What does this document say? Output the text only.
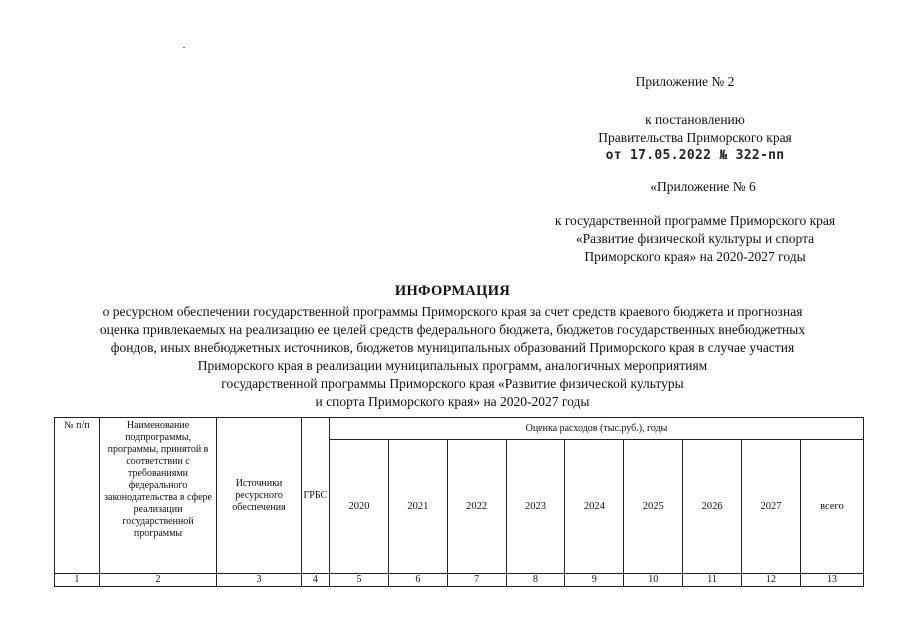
Приложение № 2
к постановлению
Правительства Приморского края
от 17.05.2022 № 322-пп
«Приложение № 6
к государственной программе Приморского края
«Развитие физической культуры и спорта
Приморского края» на 2020-2027 годы
ИНФОРМАЦИЯ
о ресурсном обеспечении государственной программы Приморского края за счет средств краевого бюджета и прогнозная
оценка привлекаемых на реализацию ее целей средств федерального бюджета, бюджетов государственных внебюджетных
фондов, иных внебюджетных источников, бюджетов муниципальных образований Приморского края в случае участия
Приморского края в реализации муниципальных программ, аналогичных мероприятиям
государственной программы Приморского края «Развитие физической культуры
и спорта Приморского края» на 2020-2027 годы
№ п/п	Наименование подпрограммы, программы, принятой в соответствии с требованиями федерального законодательства в сфере реализации государственной программы	Источники ресурсного обеспечения	ГРБС	Оценка расходов (тыс.руб.), годы								
				2020	2021	2022	2023	2024	2025	2026	2027	всего
1	2	3	4	5	6	7	8	9	10	11	12	13
